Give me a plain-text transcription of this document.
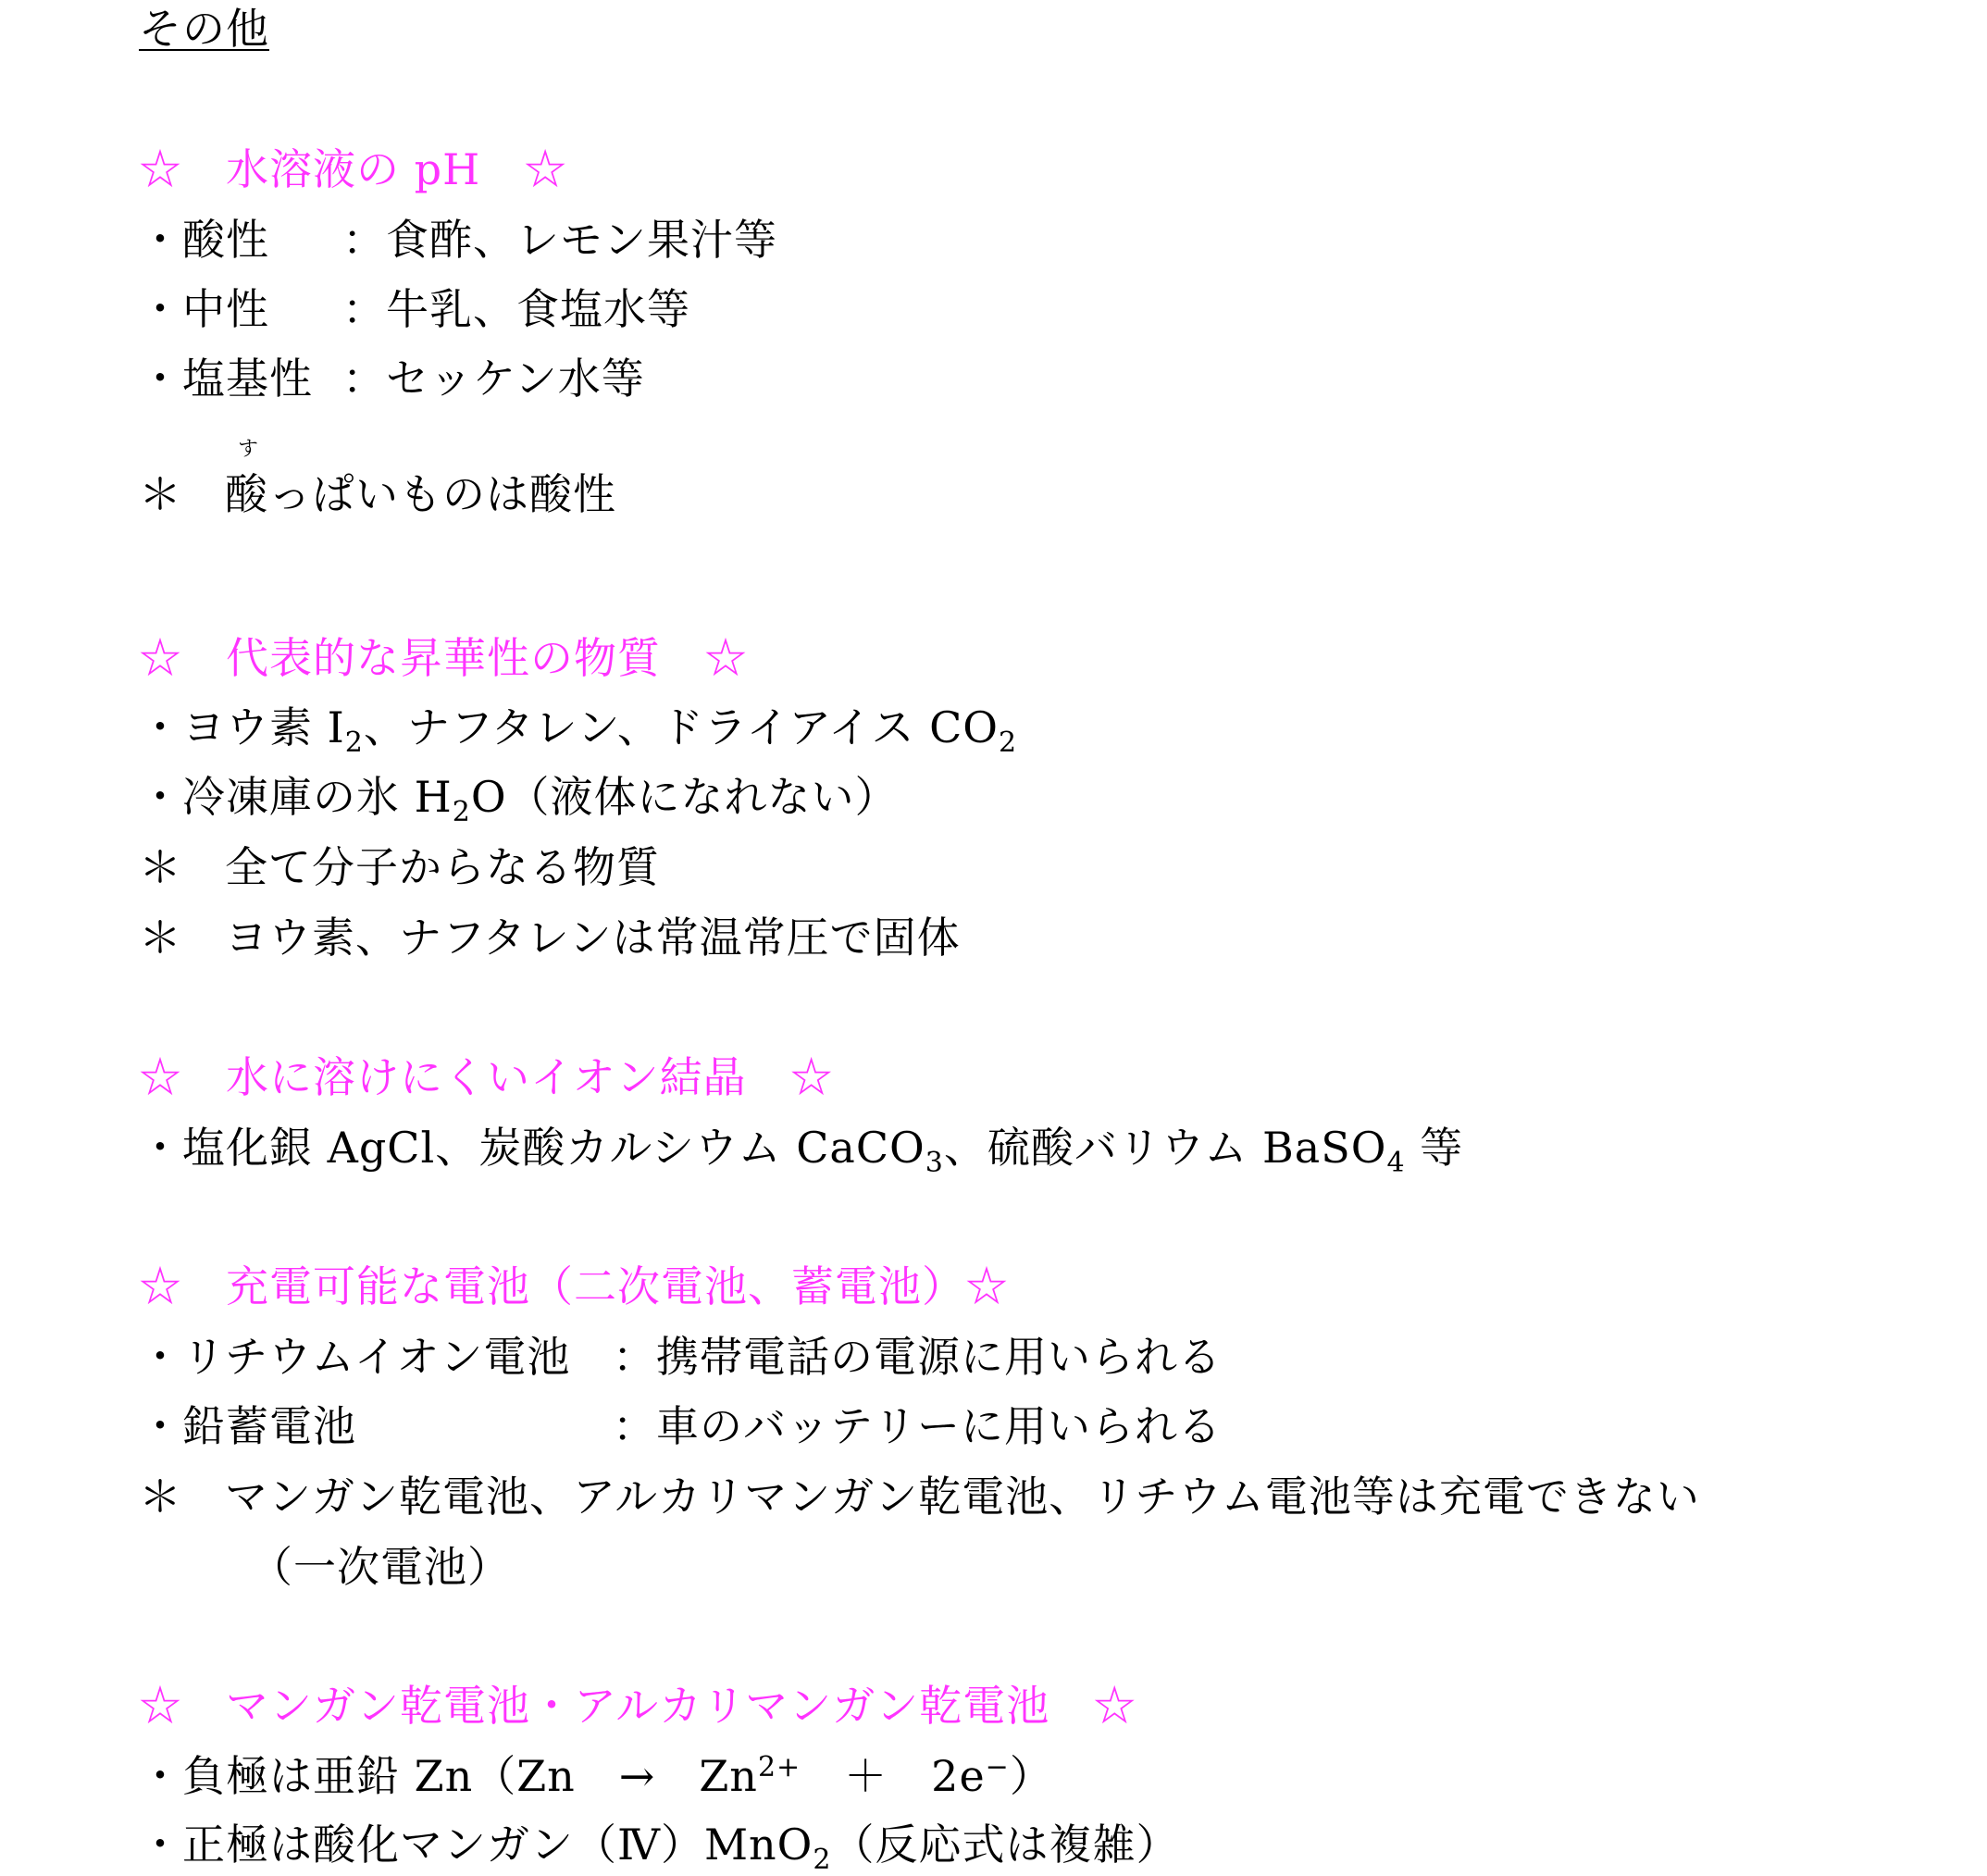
その他
☆　水溶液の pH　☆
・酸性 ：食酢、レモン果汁等
・中性 ：牛乳、食塩水等
・塩基性 ：セッケン水等
＊
す
酸っぱいものは酸性
☆　代表的な昇華性の物質　☆
・ヨウ素 $I_2$、ナフタレン、ドライアイス $CO_2$
・冷凍庫の氷 $H_2O$（液体になれない）
＊ 全て分子からなる物質
＊ ヨウ素、ナフタレンは常温常圧で固体
☆　水に溶けにくいイオン結晶　☆
・塩化銀 AgCl、炭酸カルシウム CaCO$_3$、硫酸バリウム BaSO$_4$ 等
☆　充電可能な電池（二次電池、蓄電池）☆
・リチウムイオン電池 ：携帯電話の電源に用いられる
・鉛蓄電池	：車のバッテリーに用いられる
＊ マンガン乾電池、アルカリマンガン乾電池、リチウム電池等は充電できない
（一次電池）
☆　マンガン乾電池・アルカリマンガン乾電池　☆
・負極は亜鉛 Zn（Zn　→　$Zn^{2+}$　＋　2e−）
・正極は酸化マンガン（Ⅳ）MnO$_2$（反応式は複雑）
